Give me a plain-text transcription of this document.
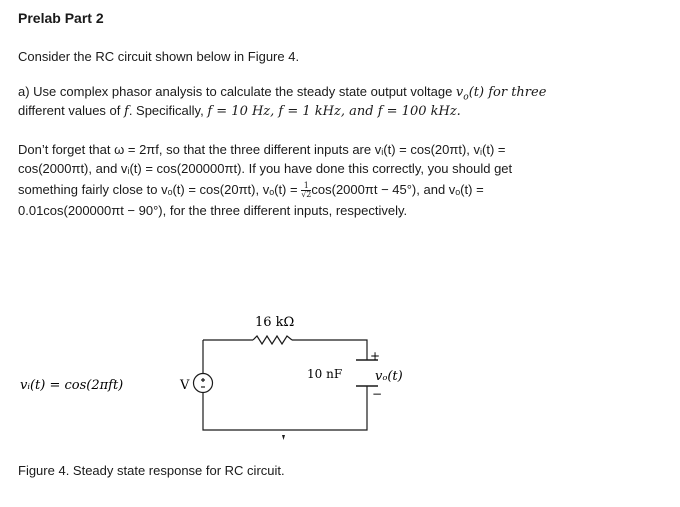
Prelab Part 2
Consider the RC circuit shown below in Figure 4.
a) Use complex phasor analysis to calculate the steady state output voltage $v_o(t)$ for three
different values of f. Specifically, f = 10 Hz, f = 1 kHz, and f = 100 kHz.
Don’t forget that ω = 2πf, so that the three different inputs are vᵢ(t) = cos(20πt), vᵢ(t) =
cos(2000πt), and vᵢ(t) = cos(200000πt). If you have done this correctly, you should get
something fairly close to vₒ(t) = cos(20πt), $v_o(t) = \frac{1}{√2} \cos(2000\pi t - 45^\circ)$, and vₒ(t) =
0.01cos(200000πt − 90°), for the three different inputs, respectively.
16 kΩ
10 nF
+
−
vₒ(t)
vᵢ(t) = cos(2πft)	V
Figure 4. Steady state response for RC circuit.
